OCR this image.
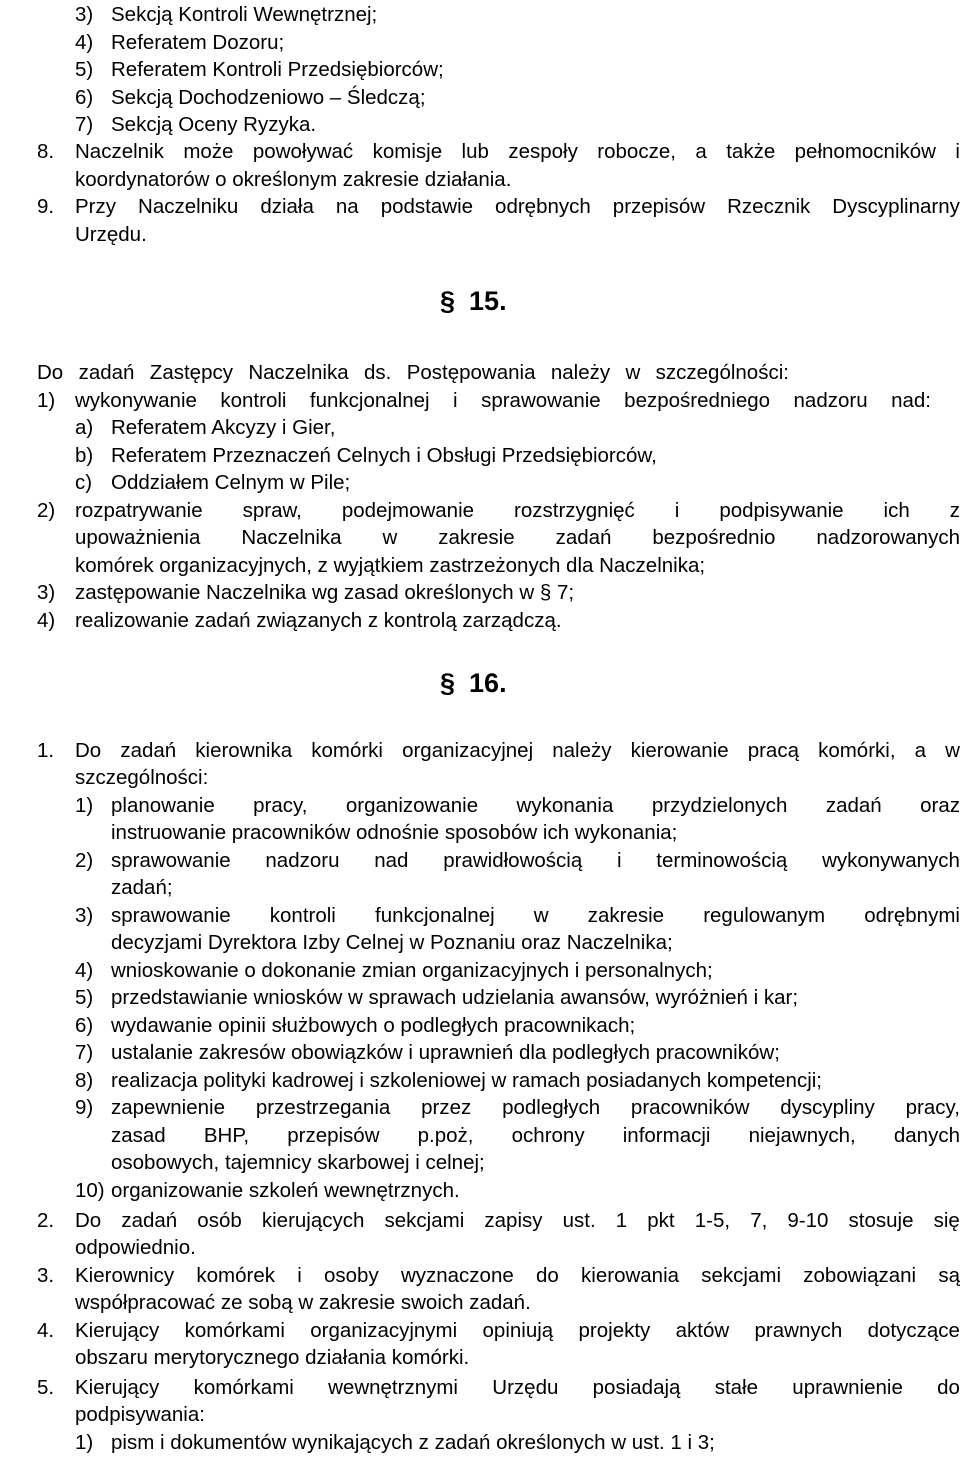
3) Sekcją Kontroli Wewnętrznej;
4) Referatem Dozoru;
5) Referatem Kontroli Przedsiębiorców;
6) Sekcją Dochodzeniowo – Śledczą;
7) Sekcją Oceny Ryzyka.
8. Naczelnik może powoływać komisje lub zespoły robocze, a także pełnomocników i
koordynatorów o określonym zakresie działania.
9. Przy Naczelniku działa na podstawie odrębnych przepisów Rzecznik Dyscyplinarny
Urzędu.
§ 15.
Do zadań Zastępcy Naczelnika ds. Postępowania należy w szczególności:
1) wykonywanie kontroli funkcjonalnej i sprawowanie bezpośredniego nadzoru nad:
a) Referatem Akcyzy i Gier,
b) Referatem Przeznaczeń Celnych i Obsługi Przedsiębiorców,
c) Oddziałem Celnym w Pile;
2) rozpatrywanie spraw, podejmowanie rozstrzygnięć i podpisywanie ich z
upoważnienia Naczelnika w zakresie zadań bezpośrednio nadzorowanych
komórek organizacyjnych, z wyjątkiem zastrzeżonych dla Naczelnika;
3) zastępowanie Naczelnika wg zasad określonych w § 7;
4) realizowanie zadań związanych z kontrolą zarządczą.
§ 16.
1. Do zadań kierownika komórki organizacyjnej należy kierowanie pracą komórki, a w
szczególności:
1) planowanie pracy, organizowanie wykonania przydzielonych zadań oraz
instruowanie pracowników odnośnie sposobów ich wykonania;
2) sprawowanie nadzoru nad prawidłowością i terminowością wykonywanych
zadań;
3) sprawowanie kontroli funkcjonalnej w zakresie regulowanym odrębnymi
decyzjami Dyrektora Izby Celnej w Poznaniu oraz Naczelnika;
4) wnioskowanie o dokonanie zmian organizacyjnych i personalnych;
5) przedstawianie wniosków w sprawach udzielania awansów, wyróżnień i kar;
6) wydawanie opinii służbowych o podległych pracownikach;
7) ustalanie zakresów obowiązków i uprawnień dla podległych pracowników;
8) realizacja polityki kadrowej i szkoleniowej w ramach posiadanych kompetencji;
9) zapewnienie przestrzegania przez podległych pracowników dyscypliny pracy,
zasad BHP, przepisów p.poż, ochrony informacji niejawnych, danych
osobowych, tajemnicy skarbowej i celnej;
10) organizowanie szkoleń wewnętrznych.
2. Do zadań osób kierujących sekcjami zapisy ust. 1 pkt 1-5, 7, 9-10 stosuje się
odpowiednio.
3. Kierownicy komórek i osoby wyznaczone do kierowania sekcjami zobowiązani są
współpracować ze sobą w zakresie swoich zadań.
4. Kierujący komórkami organizacyjnymi opiniują projekty aktów prawnych dotyczące
obszaru merytorycznego działania komórki.
5. Kierujący komórkami wewnętrznymi Urzędu posiadają stałe uprawnienie do
podpisywania:
1) pism i dokumentów wynikających z zadań określonych w ust. 1 i 3;
